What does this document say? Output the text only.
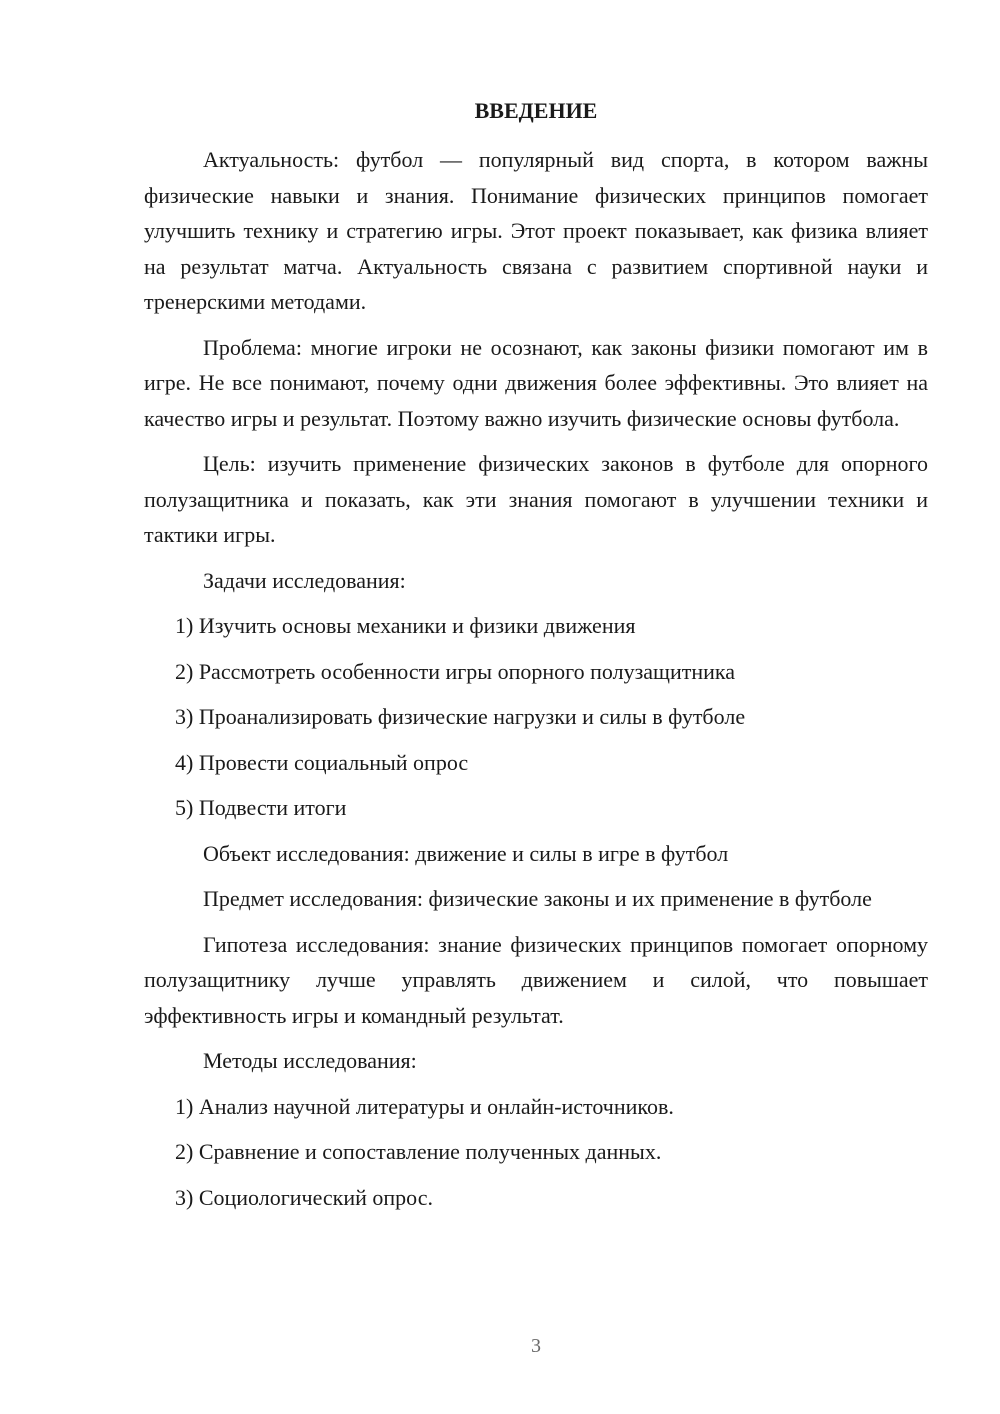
ВВЕДЕНИЕ

Актуальность: футбол — популярный вид спорта, в котором важны физические навыки и знания. Понимание физических принципов помогает улучшить технику и стратегию игры. Этот проект показывает, как физика влияет на результат матча. Актуальность связана с развитием спортивной науки и тренерскими методами.

Проблема: многие игроки не осознают, как законы физики помогают им в игре. Не все понимают, почему одни движения более эффективны. Это влияет на качество игры и результат. Поэтому важно изучить физические основы футбола.

Цель: изучить применение физических законов в футболе для опорного полузащитника и показать, как эти знания помогают в улучшении техники и тактики игры.

Задачи исследования:

1) Изучить основы механики и физики движения

2) Рассмотреть особенности игры опорного полузащитника

3) Проанализировать физические нагрузки и силы в футболе

4) Провести социальный опрос

5) Подвести итоги

Объект исследования: движение и силы в игре в футбол

Предмет исследования: физические законы и их применение в футболе

Гипотеза исследования: знание физических принципов помогает опорному полузащитнику лучше управлять движением и силой, что повышает эффективность игры и командный результат.

Методы исследования:

1) Анализ научной литературы и онлайн-источников.

2) Сравнение и сопоставление полученных данных.

3) Социологический опрос.

3
